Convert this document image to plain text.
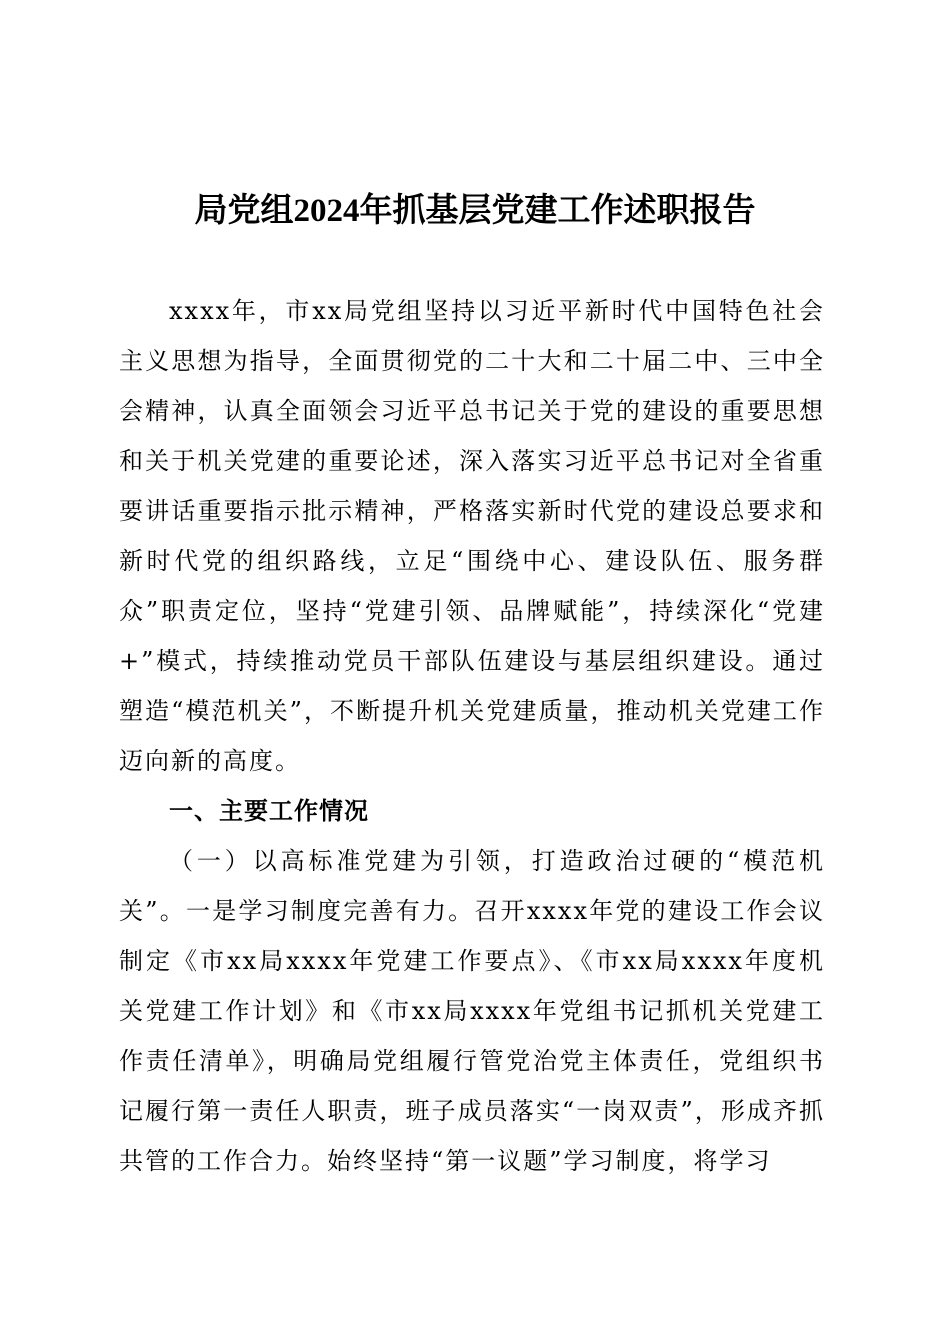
局党组2024年抓基层党建工作述职报告
xxxx年，市xx局党组坚持以习近平新时代中国特色社会主义思想为指导，全面贯彻党的二十大和二十届二中、三中全会精神，认真全面领会习近平总书记关于党的建设的重要思想和关于机关党建的重要论述，深入落实习近平总书记对全省重要讲话重要指示批示精神，严格落实新时代党的建设总要求和新时代党的组织路线，立足“围绕中心、建设队伍、服务群众”职责定位，坚持“党建引领、品牌赋能”，持续深化“党建+”模式，持续推动党员干部队伍建设与基层组织建设。通过塑造“模范机关”，不断提升机关党建质量，推动机关党建工作迈向新的高度。
一、主要工作情况
（一）以高标准党建为引领，打造政治过硬的“模范机关”。一是学习制度完善有力。召开xxxx年党的建设工作会议制定《市xx局xxxx年党建工作要点》、《市xx局xxxx年度机关党建工作计划》和《市xx局xxxx年党组书记抓机关党建工作责任清单》，明确局党组履行管党治党主体责任，党组织书记履行第一责任人职责，班子成员落实“一岗双责”，形成齐抓共管的工作合力。始终坚持“第一议题”学习制度，将学习
